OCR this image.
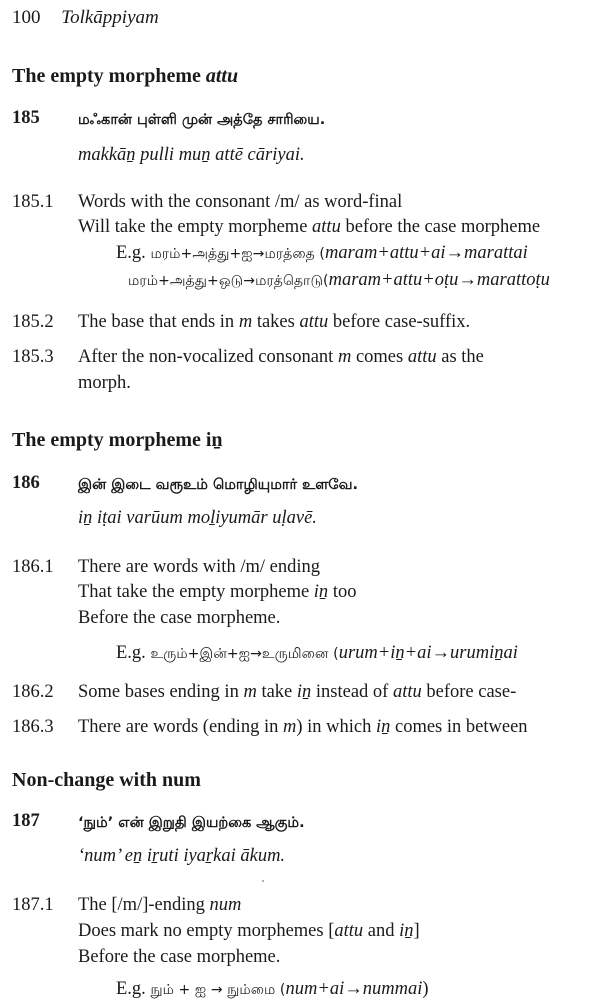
100 Tolkāppiyam
The empty morpheme attu
185	மஃகான் புள்ளி முன் அத்தே சாரியை.
makkāṉ pulli muṉ attē cāriyai.
185.1 Words with the consonant /m/ as word-final
Will take the empty morpheme attu before the case morpheme
E.g. மரம்+அத்து+ஐ→மரத்தை (maram+attu+ai→marattai
மரம்+அத்து+ஒடு→மரத்தொடு(maram+attu+oṭu→marattoṭu
185.2 The base that ends in m takes attu before case-suffix.
185.3 After the non-vocalized consonant m comes attu as the
morph.
The empty morpheme iṉ
186	இன் இடை வரூஉம் மொழியுமார் உளவே.
iṉ iṭai varūum moḻiyumār uḷavē.
186.1 There are words with /m/ ending
That take the empty morpheme iṉ too
Before the case morpheme.
E.g. உரும்+இன்+ஐ→உருமினை (urum+iṉ+ai→urumiṉai
186.2 Some bases ending in m take iṉ instead of attu before case-
186.3 There are words (ending in m) in which iṉ comes in between
Non-change with num
187	‘நும்’ என் இறுதி இயற்கை ஆகும்.
‘num’ eṉ iṟuti iyaṟkai ākum.
187.1 The [/m/]-ending num
Does mark no empty morphemes [attu and iṉ]
Before the case morpheme.
E.g. நும் + ஐ → நும்மை (num+ai→nummai)
